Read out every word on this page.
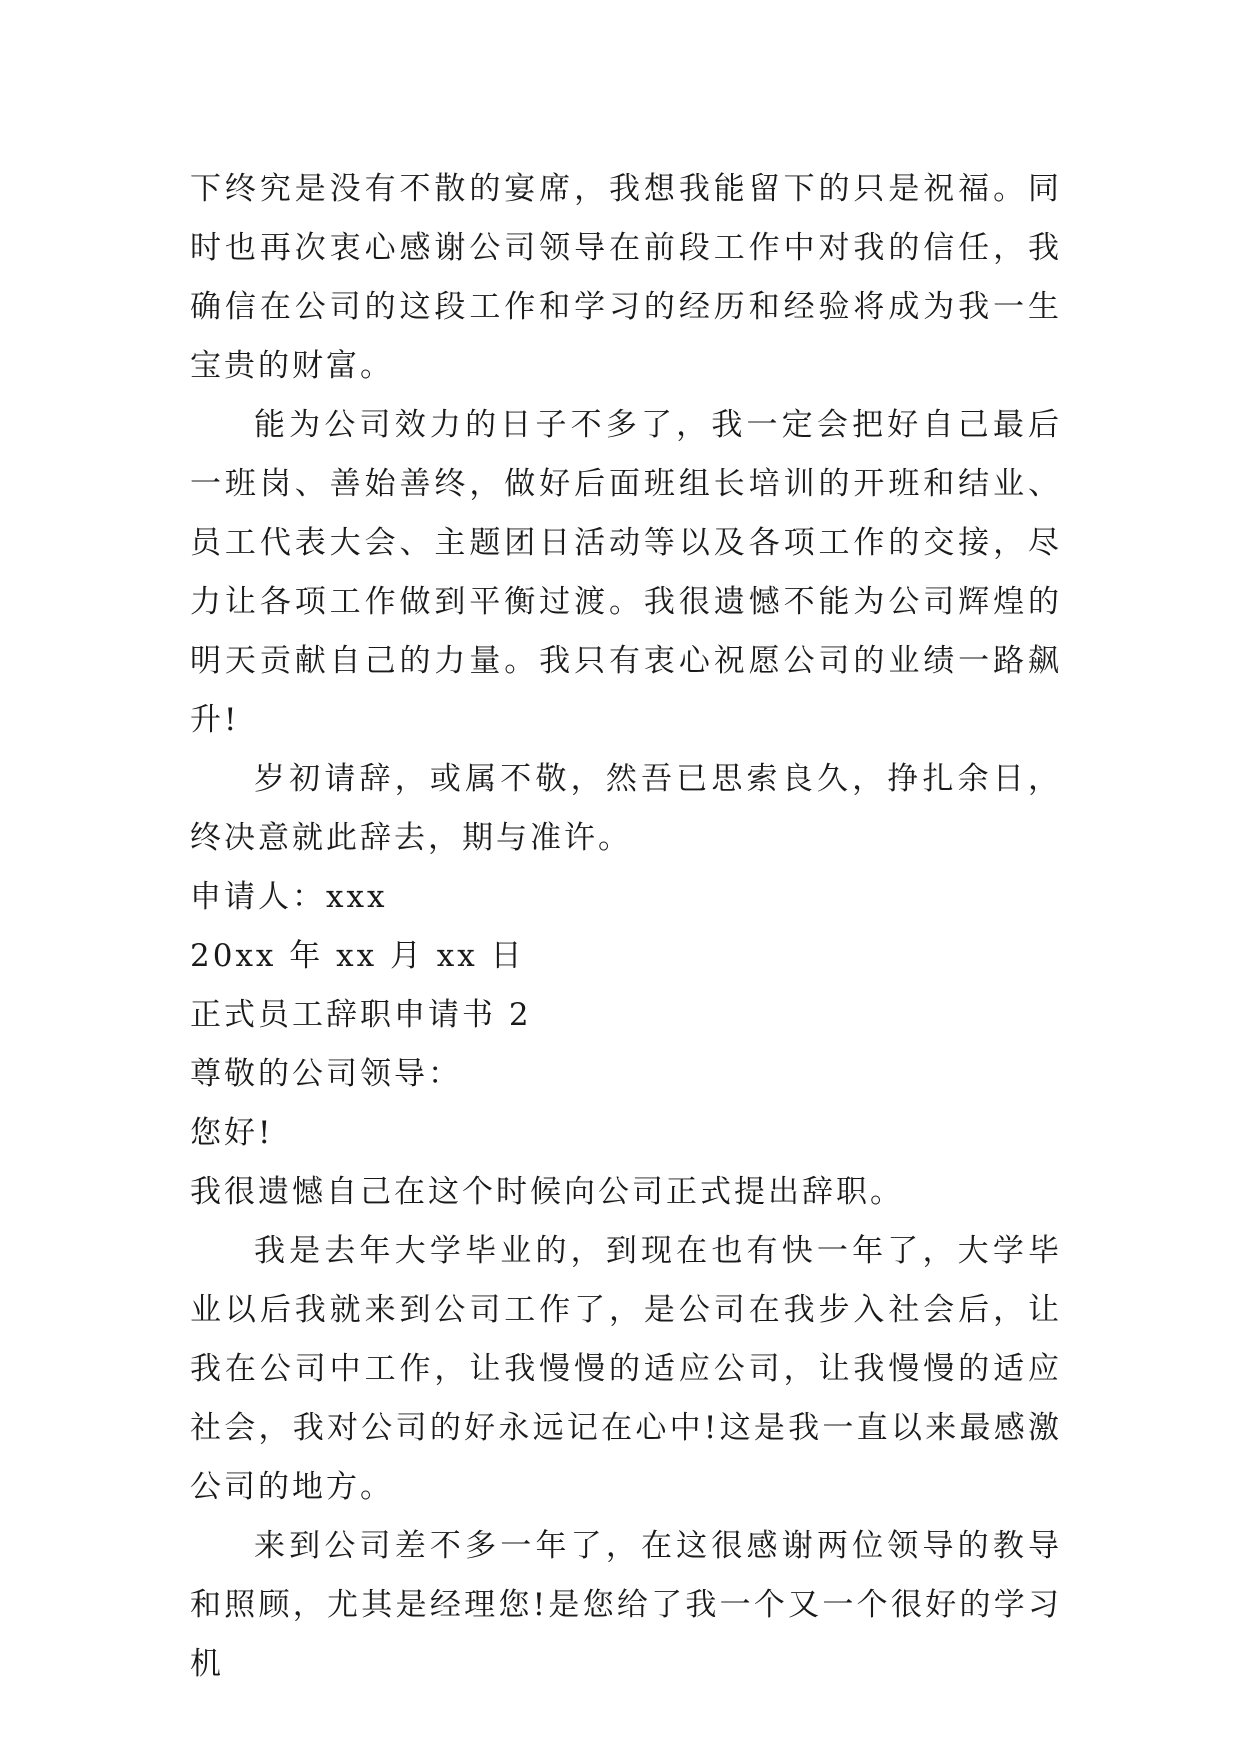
下终究是没有不散的宴席，我想我能留下的只是祝福。同时也再次衷心感谢公司领导在前段工作中对我的信任，我确信在公司的这段工作和学习的经历和经验将成为我一生宝贵的财富。

能为公司效力的日子不多了，我一定会把好自己最后一班岗、善始善终，做好后面班组长培训的开班和结业、员工代表大会、主题团日活动等以及各项工作的交接，尽力让各项工作做到平衡过渡。我很遗憾不能为公司辉煌的明天贡献自己的力量。我只有衷心祝愿公司的业绩一路飙升!

岁初请辞，或属不敬，然吾已思索良久，挣扎余日，终决意就此辞去，期与准许。

申请人：xxx

20xx 年 xx 月 xx 日

正式员工辞职申请书 2

尊敬的公司领导：

您好!

我很遗憾自己在这个时候向公司正式提出辞职。

我是去年大学毕业的，到现在也有快一年了，大学毕业以后我就来到公司工作了，是公司在我步入社会后，让我在公司中工作，让我慢慢的适应公司，让我慢慢的适应社会，我对公司的好永远记在心中!这是我一直以来最感激公司的地方。

来到公司差不多一年了，在这很感谢两位领导的教导和照顾，尤其是经理您!是您给了我一个又一个很好的学习机
